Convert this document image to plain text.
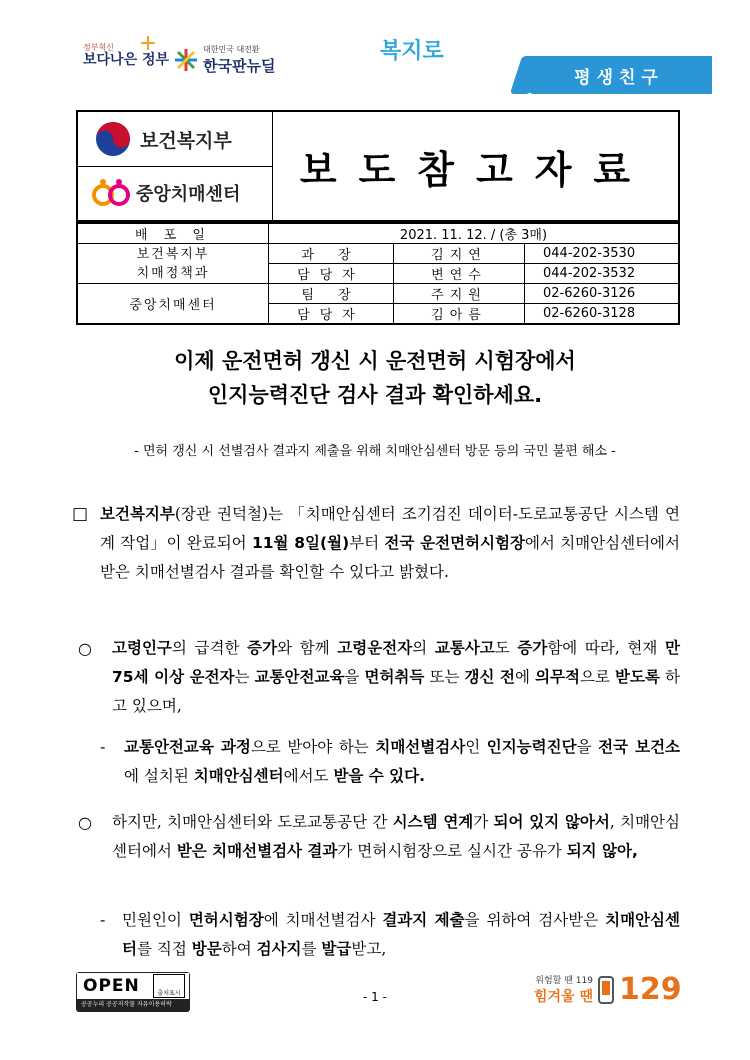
정부혁신
보다나은 정부
대한민국 대전환
한국판뉴딜
복지로
평생친구
보건복지부
중앙치매센터
보도참고자료
배 포 일	2021. 11. 12. / (총 3매)		

보건복지부
치매정책과	과 장	김지연	044-202-3530
	담당자	변연수	044-202-3532
중앙치매센터	팀 장	주지원	02-6260-3126
	담당자	김아름	02-6260-3128
이제 운전면허 갱신 시 운전면허 시험장에서
인지능력진단 검사 결과 확인하세요.
- 면허 갱신 시 선별검사 결과지 제출을 위해 치매안심센터 방문 등의 국민 불편 해소 -
□ 보건복지부(장관 권덕철)는 「치매안심센터 조기검진 데이터-도로교통공단 시스템 연계 작업」이 완료되어 11월 8일(월)부터 전국 운전면허시험장에서 치매안심센터에서 받은 치매선별검사 결과를 확인할 수 있다고 밝혔다.
○	고령인구의 급격한 증가와 함께 고령운전자의 교통사고도 증가함에 따라, 현재 만 75세 이상 운전자는 교통안전교육을 면허취득 또는 갱신 전에 의무적으로 받도록 하고 있으며,
-	교통안전교육 과정으로 받아야 하는 치매선별검사인 인지능력진단을 전국 보건소에 설치된 치매안심센터에서도 받을 수 있다.
○	하지만, 치매안심센터와 도로교통공단 간 시스템 연계가 되어 있지 않아서, 치매안심센터에서 받은 치매선별검사 결과가 면허시험장으로 실시간 공유가 되지 않아,
-	민원인이 면허시험장에 치매선별검사 결과지 제출을 위하여 검사받은 치매안심센터를 직접 방문하여 검사지를 발급받고,
OPEN	출처표시
공공누리 공공저작물 자유이용허락
- 1 -
위험할 땐 119
힘겨울 땐 129
